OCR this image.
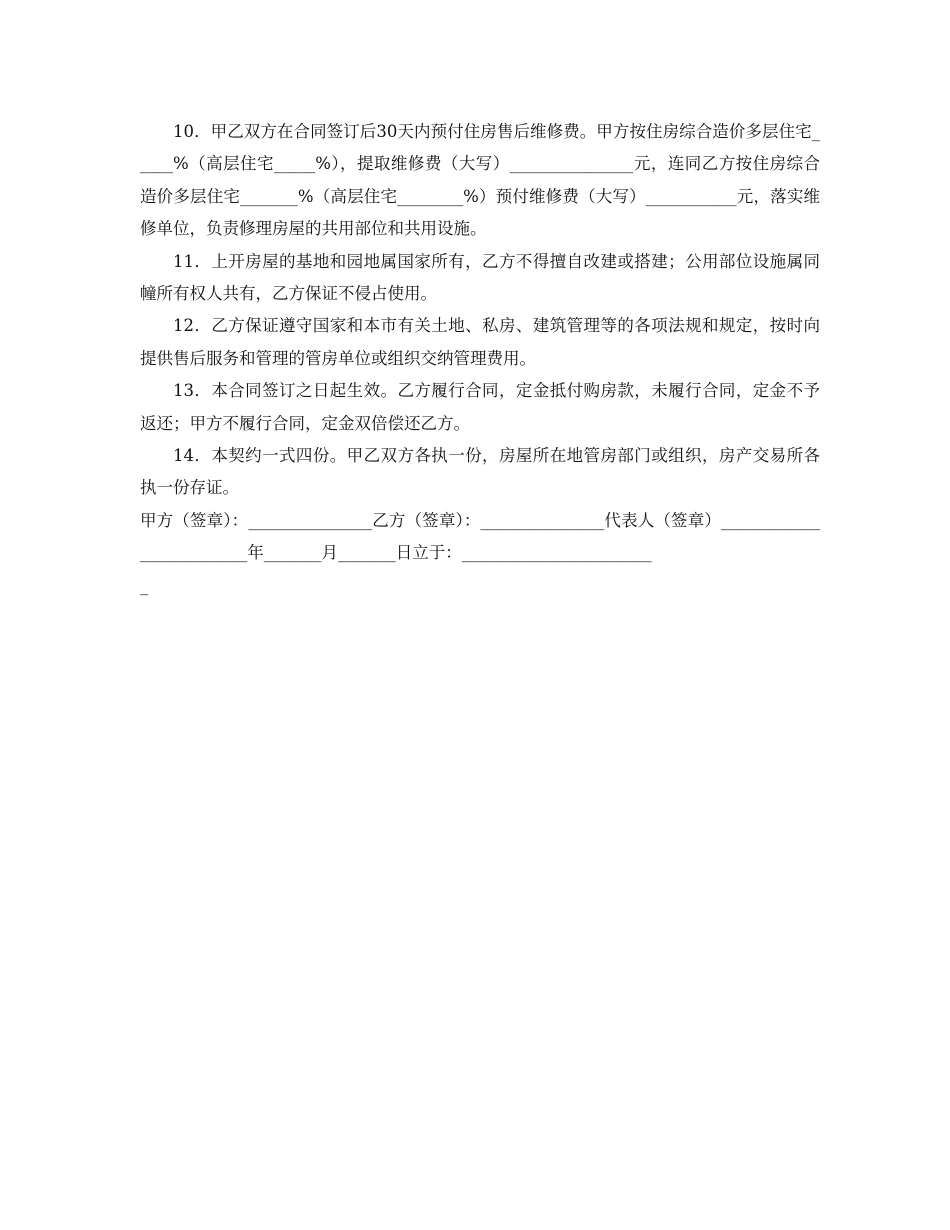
10．甲乙双方在合同签订后30天内预付住房售后维修费。甲方按住房综合造价多层住宅_____%（高层住宅_____%），提取维修费（大写）_______________元，连同乙方按住房综合造价多层住宅_______%（高层住宅________%）预付维修费（大写）___________元，落实维修单位，负责修理房屋的共用部位和共用设施。

11．上开房屋的基地和园地属国家所有，乙方不得擅自改建或搭建；公用部位设施属同幢所有权人共有，乙方保证不侵占使用。

12．乙方保证遵守国家和本市有关土地、私房、建筑管理等的各项法规和规定，按时向提供售后服务和管理的管房单位或组织交纳管理费用。

13．本合同签订之日起生效。乙方履行合同，定金抵付购房款，未履行合同，定金不予返还；甲方不履行合同，定金双倍偿还乙方。

14．本契约一式四份。甲乙双方各执一份，房屋所在地管房部门或组织，房产交易所各执一份存证。

甲方（签章）：_______________乙方（签章）：_______________代表人（签章）_________________________年_______月_______日立于：_______________________

_
